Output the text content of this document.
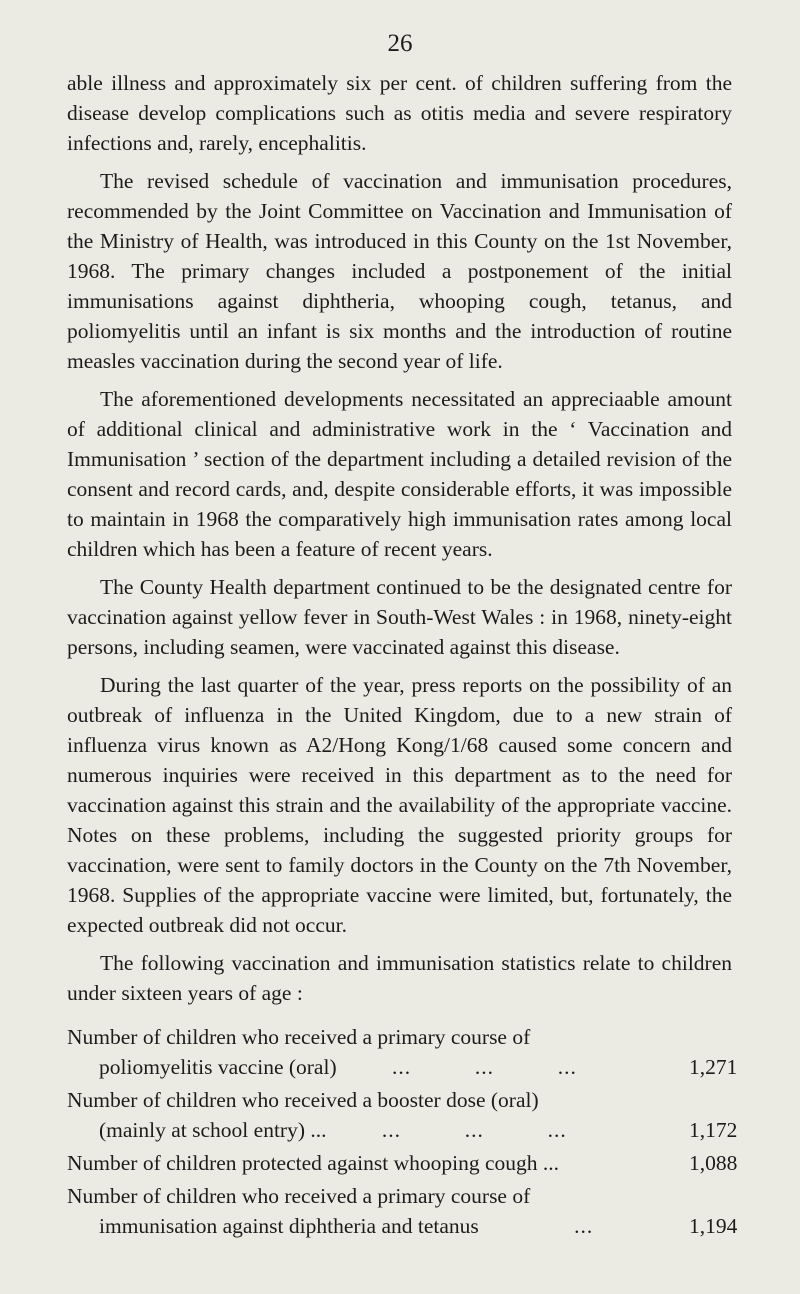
26

able illness and approximately six per cent. of children suffering from the disease develop complications such as otitis media and severe respiratory infections and, rarely, encephalitis.

The revised schedule of vaccination and immunisation procedures, recommended by the Joint Committee on Vaccination and Immunisation of the Ministry of Health, was introduced in this County on the 1st November, 1968. The primary changes included a postponement of the initial immunisations against diphtheria, whooping cough, tetanus, and poliomyelitis until an infant is six months and the introduction of routine measles vaccination during the second year of life.

The aforementioned developments necessitated an appreciaable amount of additional clinical and administrative work in the ‘ Vaccination and Immunisation ’ section of the department including a detailed revision of the consent and record cards, and, despite considerable efforts, it was impossible to maintain in 1968 the comparatively high immunisation rates among local children which has been a feature of recent years.

The County Health department continued to be the designated centre for vaccination against yellow fever in South-West Wales : in 1968, ninety-eight persons, including seamen, were vaccinated against this disease.

During the last quarter of the year, press reports on the possibility of an outbreak of influenza in the United Kingdom, due to a new strain of influenza virus known as A2/Hong Kong/1/68 caused some concern and numerous inquiries were received in this department as to the need for vaccination against this strain and the availability of the appropriate vaccine. Notes on these problems, including the suggested priority groups for vaccination, were sent to family doctors in the County on the 7th November, 1968. Supplies of the appropriate vaccine were limited, but, fortunately, the expected outbreak did not occur.

The following vaccination and immunisation statistics relate to children under sixteen years of age :

Number of children who received a primary course of
poliomyelitis vaccine (oral)	...          ...          ...	1,271
Number of children who received a booster dose (oral)
(mainly at school entry) ...	...          ...          ...	1,172
Number of children protected against whooping cough ...	1,088
Number of children who received a primary course of
immunisation against diphtheria and tetanus	...	1,194
